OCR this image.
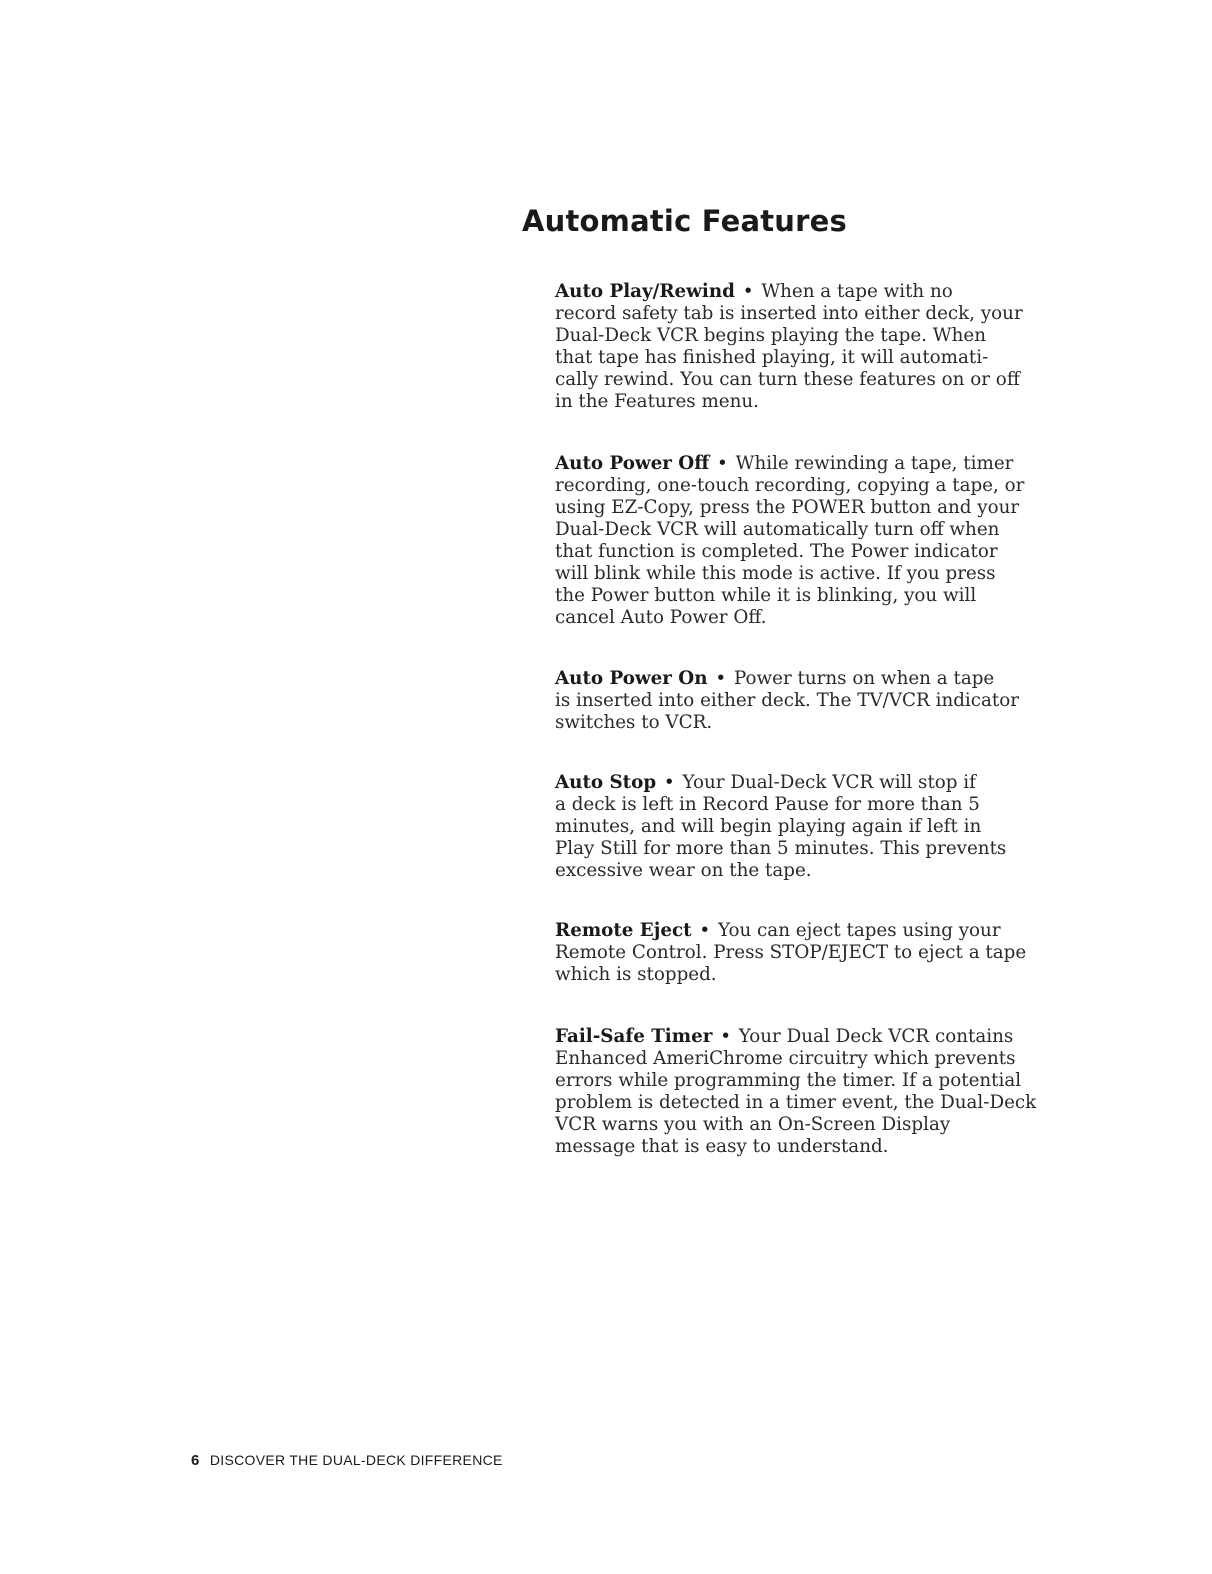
Automatic Features
Auto Play/Rewind • When a tape with no
record safety tab is inserted into either deck, your
Dual-Deck VCR begins playing the tape. When
that tape has finished playing, it will automati-
cally rewind. You can turn these features on or off
in the Features menu.
Auto Power Off • While rewinding a tape, timer
recording, one-touch recording, copying a tape, or
using EZ-Copy, press the POWER button and your
Dual-Deck VCR will automatically turn off when
that function is completed. The Power indicator
will blink while this mode is active. If you press
the Power button while it is blinking, you will
cancel Auto Power Off.
Auto Power On • Power turns on when a tape
is inserted into either deck. The TV/VCR indicator
switches to VCR.
Auto Stop • Your Dual-Deck VCR will stop if
a deck is left in Record Pause for more than 5
minutes, and will begin playing again if left in
Play Still for more than 5 minutes. This prevents
excessive wear on the tape.
Remote Eject • You can eject tapes using your
Remote Control. Press STOP/EJECT to eject a tape
which is stopped.
Fail-Safe Timer • Your Dual Deck VCR contains
Enhanced AmeriChrome circuitry which prevents
errors while programming the timer. If a potential
problem is detected in a timer event, the Dual-Deck
VCR warns you with an On-Screen Display
message that is easy to understand.
6 DISCOVER THE DUAL-DECK DIFFERENCE
